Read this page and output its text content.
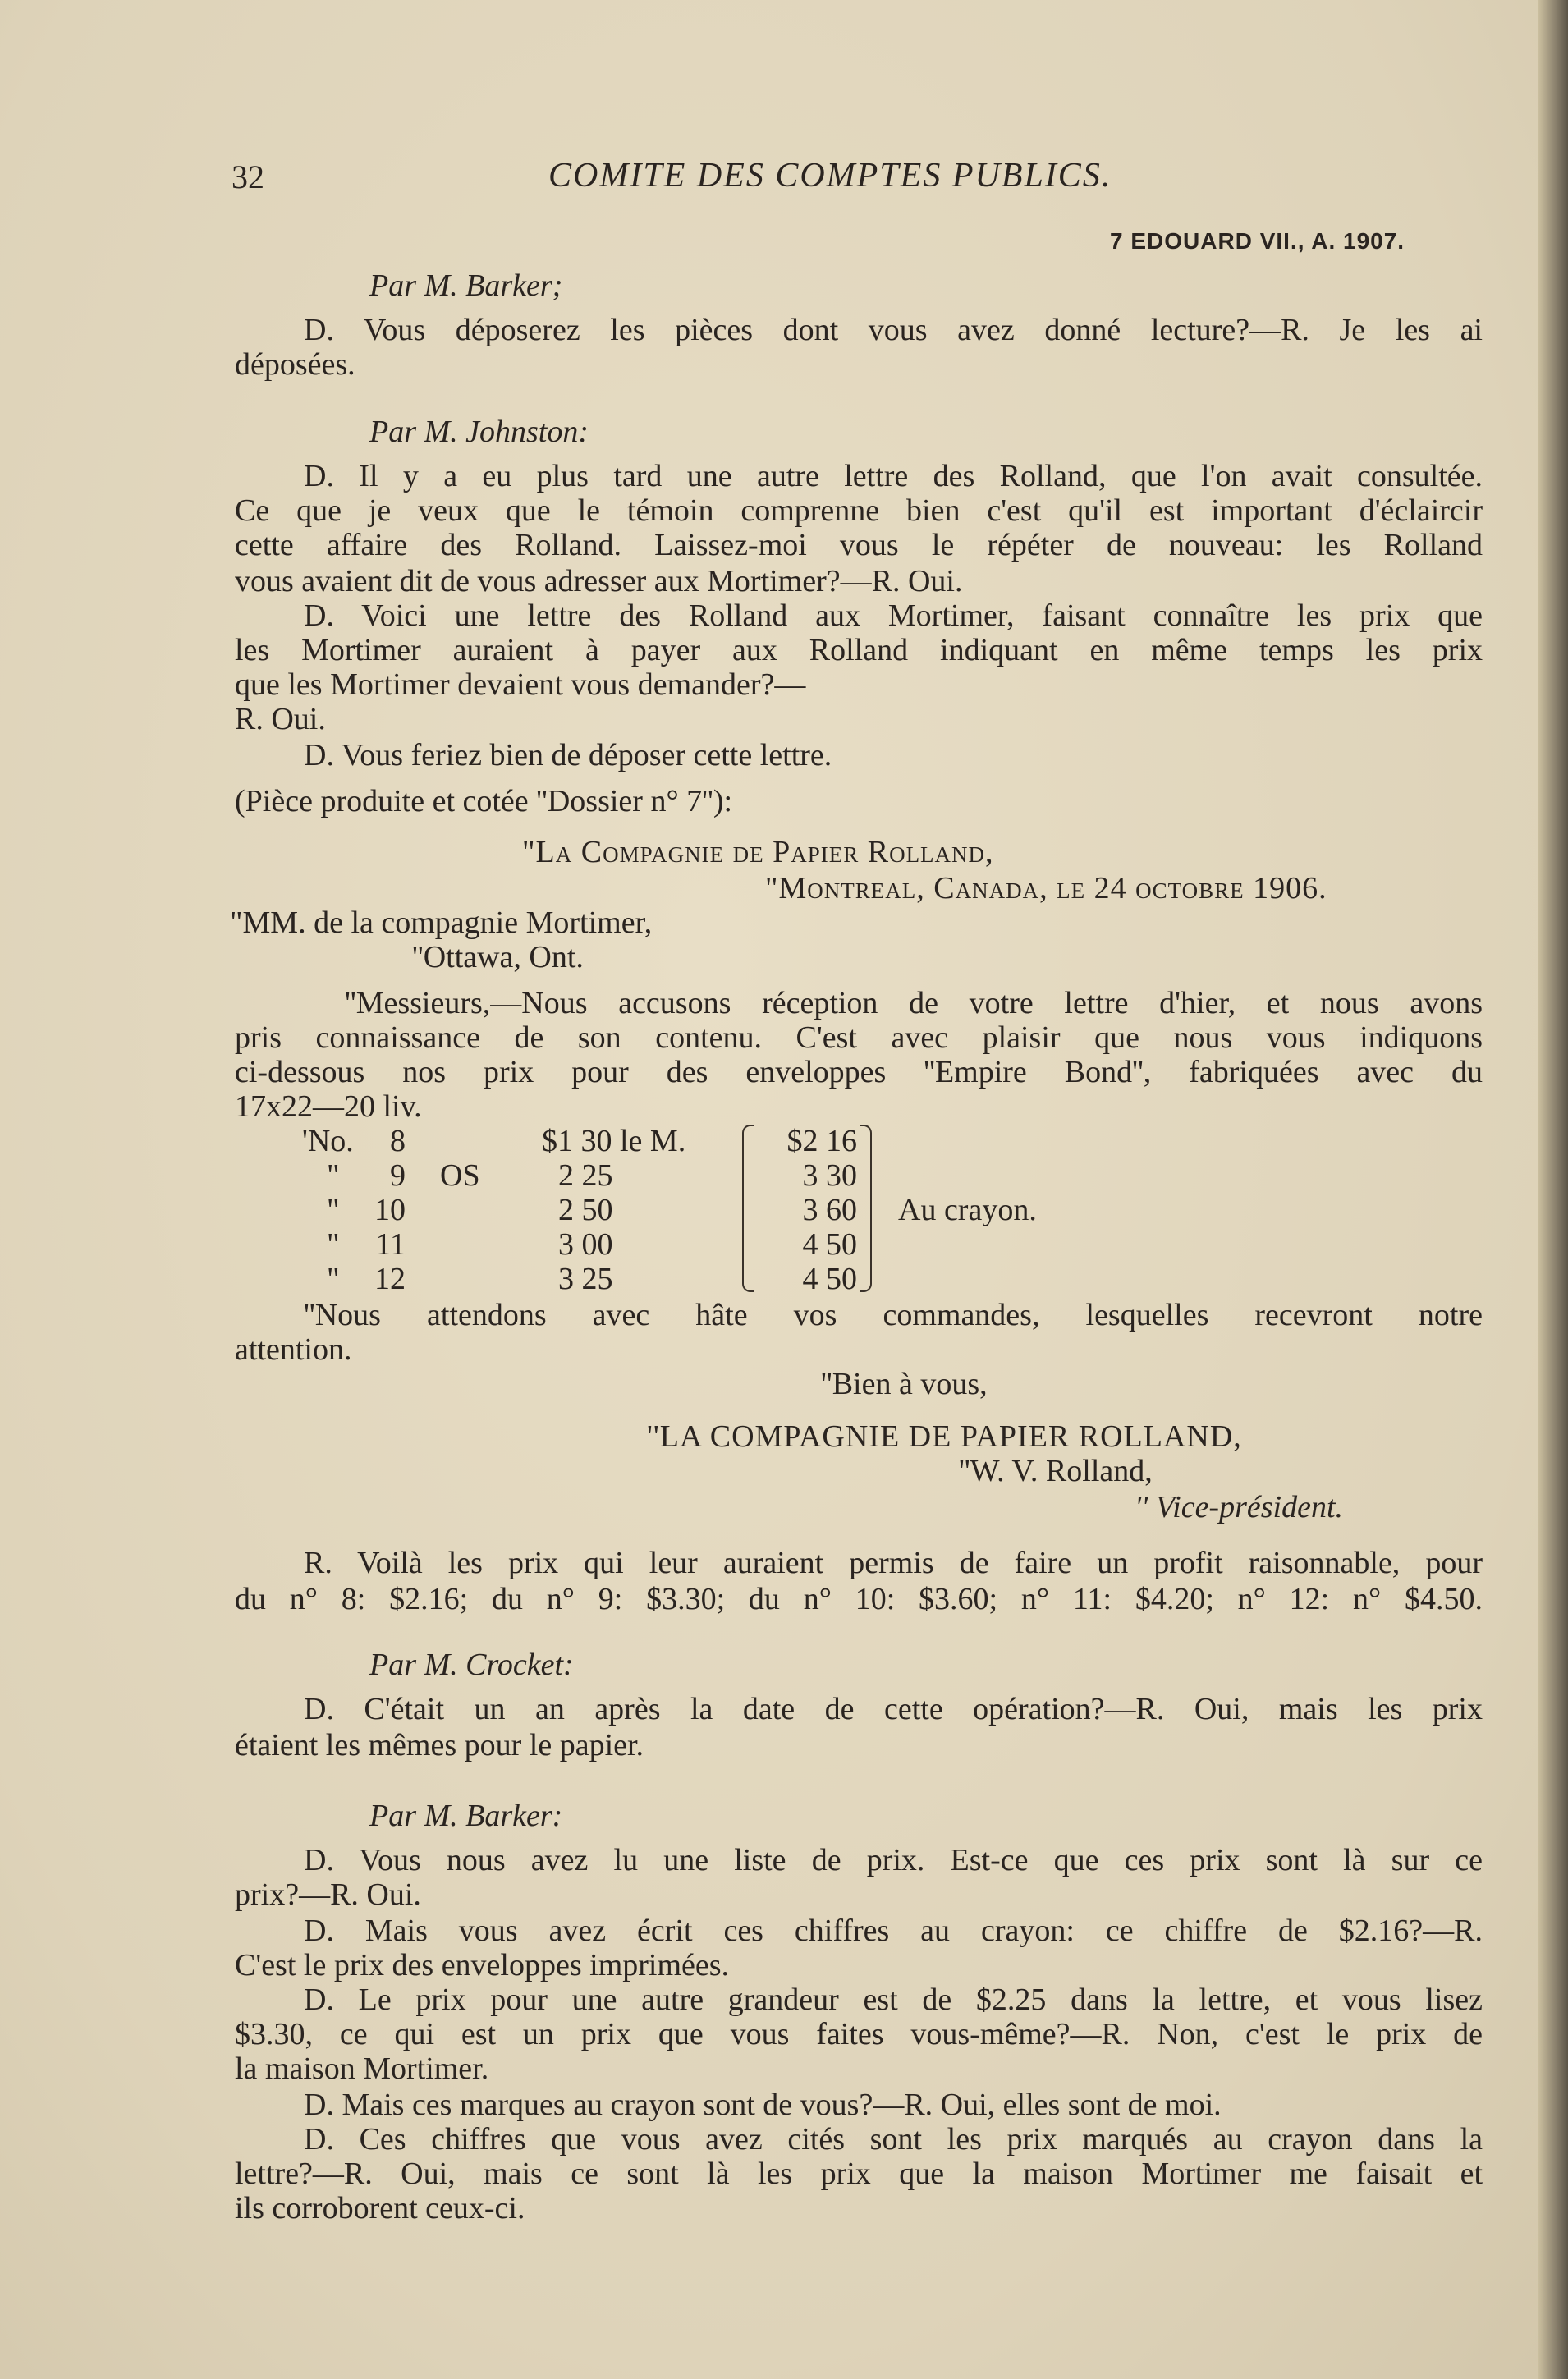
32	COMITE DES COMPTES PUBLICS.
7 EDOUARD VII., A. 1907.
Par M. Barker;
D. Vous déposerez les pièces dont vous avez donné lecture?—R. Je les ai
déposées.
Par M. Johnston:
D. Il y a eu plus tard une autre lettre des Rolland, que l'on avait consultée.
Ce que je veux que le témoin comprenne bien c'est qu'il est important d'éclaircir
cette affaire des Rolland. Laissez-moi vous le répéter de nouveau: les Rolland
vous avaient dit de vous adresser aux Mortimer?—R. Oui.
D. Voici une lettre des Rolland aux Mortimer, faisant connaître les prix que
les Mortimer auraient à payer aux Rolland indiquant en même temps les prix
que les Mortimer devaient vous demander?—
R. Oui.
D. Vous feriez bien de déposer cette lettre.
(Pièce produite et cotée ''Dossier n° 7''):
"La Compagnie de Papier Rolland,
"Montreal, Canada, le 24 octobre 1906.
"MM. de la compagnie Mortimer,
''Ottawa, Ont.
''Messieurs,—Nous accusons réception de votre lettre d'hier, et nous avons
pris connaissance de son contenu. C'est avec plaisir que nous vous indiquons
ci-dessous nos prix pour des enveloppes ''Empire Bond'', fabriquées avec du
17x22—20 liv.
'No.	8	$1 30 le M.	$2 16
"	9 OS	2 25	3 30
"	10	2 50	3 60
"	11	3 00	4 50
"	12	3 25	4 50
Au crayon.
''Nous attendons avec hâte vos commandes, lesquelles recevront notre
attention.
''Bien à vous,
''LA COMPAGNIE DE PAPIER ROLLAND,
''W. V. Rolland,
'' Vice-président.
R. Voilà les prix qui leur auraient permis de faire un profit raisonnable, pour
du n° 8: $2.16; du n° 9: $3.30; du n° 10: $3.60; n° 11: $4.20; n° 12: n° $4.50.
Par M. Crocket:
D. C'était un an après la date de cette opération?—R. Oui, mais les prix
étaient les mêmes pour le papier.
Par M. Barker:
D. Vous nous avez lu une liste de prix. Est-ce que ces prix sont là sur ce
prix?—R. Oui.
D. Mais vous avez écrit ces chiffres au crayon: ce chiffre de $2.16?—R.
C'est le prix des enveloppes imprimées.
D. Le prix pour une autre grandeur est de $2.25 dans la lettre, et vous lisez
$3.30, ce qui est un prix que vous faites vous-même?—R. Non, c'est le prix de
la maison Mortimer.
D. Mais ces marques au crayon sont de vous?—R. Oui, elles sont de moi.
D. Ces chiffres que vous avez cités sont les prix marqués au crayon dans la
lettre?—R. Oui, mais ce sont là les prix que la maison Mortimer me faisait et
ils corroborent ceux-ci.
